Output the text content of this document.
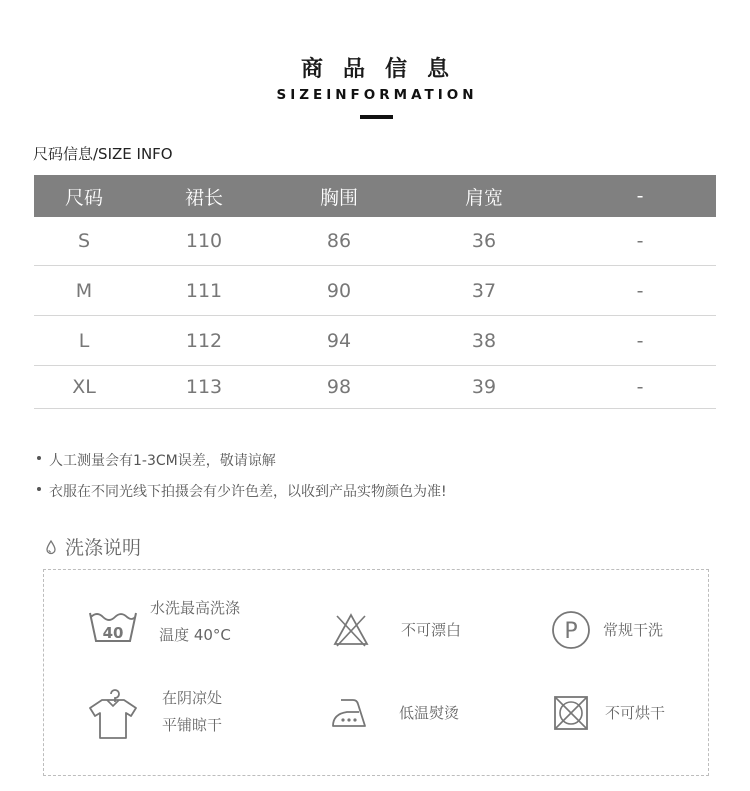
商品信息
SIZEINFORMATION
尺码信息/SIZE INFO
尺码	裙长	胸围	肩宽	-
S	110	86	36	-
M	111	90	37	-
L	112	94	38	-
XL	113	98	39	-
人工测量会有1-3CM误差，敬请谅解
衣服在不同光线下拍摄会有少许色差，以收到产品实物颜色为准!
洗涤说明
40
水洗最高洗涤
温度 40°C	不可漂白	P 常规干洗
在阴凉处
平铺晾干
低温熨烫	不可烘干
